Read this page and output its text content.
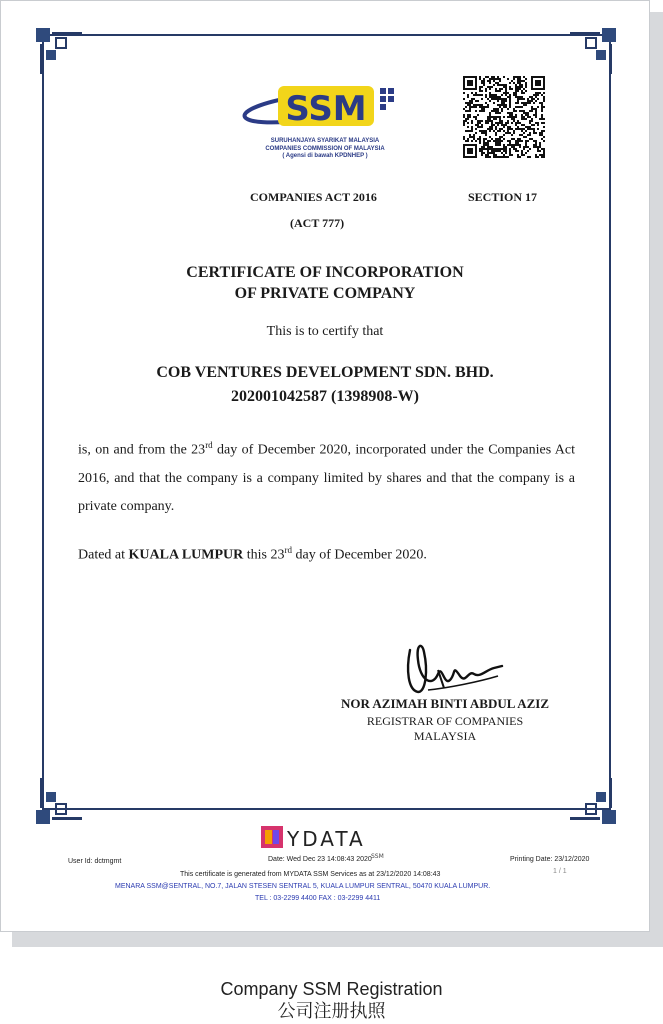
SSM
SURUHANJAYA SYARIKAT MALAYSIA
COMPANIES COMMISSION OF MALAYSIA
( Agensi di bawah KPDNHEP )
COMPANIES ACT 2016	SECTION 17
(ACT 777)
CERTIFICATE OF INCORPORATION
OF PRIVATE COMPANY
This is to certify that
COB VENTURES DEVELOPMENT SDN. BHD.
202001042587 (1398908-W)
is, on and from the 23rd day of December 2020, incorporated under the Companies Act 2016, and that the company is a company limited by shares and that the company is a private company.
Dated at KUALA LUMPUR this 23rd day of December 2020.
NOR AZIMAH BINTI ABDUL AZIZ
REGISTRAR OF COMPANIES
MALAYSIA
YDATA
SSM
User Id: dctmgmt	Date: Wed Dec 23 14:08:43 2020	Printing Date: 23/12/2020
1 / 1
This certificate is generated from MYDATA SSM Services as at 23/12/2020 14:08:43
MENARA SSM@SENTRAL, NO.7, JALAN STESEN SENTRAL 5, KUALA LUMPUR SENTRAL, 50470 KUALA LUMPUR.
TEL : 03-2299 4400 FAX : 03-2299 4411
Company SSM Registration
公司注册执照
